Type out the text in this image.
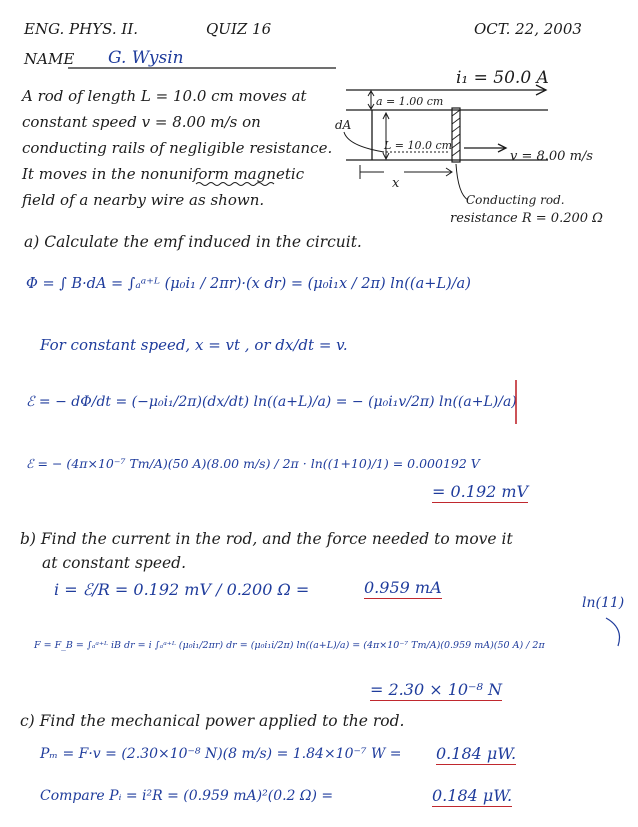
ENG. PHYS. II.	QUIZ 16	OCT. 22, 2003
NAME G. Wysin
A rod of length L = 10.0 cm moves at
constant speed v = 8.00 m/s on
conducting rails of negligible resistance.
It moves in the nonuniform magnetic
field of a nearby wire as shown.
i₁ = 50.0 A
a = 1.00 cm
L = 10.0 cm
dA
v = 8.00 m/s
x
Conducting rod.
resistance R = 0.200 Ω
a) Calculate the emf induced in the circuit.
Φ = ∫ B·dA = ∫ₐᵃ⁺ᴸ (μ₀i₁ / 2πr)·(x dr) = (μ₀i₁x / 2π) ln((a+L)/a)
For constant speed, x = vt , or dx/dt = v.
ℰ = − dΦ/dt = (−μ₀i₁/2π)(dx/dt) ln((a+L)/a) = − (μ₀i₁v/2π) ln((a+L)/a)
ℰ = − (4π×10⁻⁷ Tm/A)(50 A)(8.00 m/s) / 2π · ln((1+10)/1) = 0.000192 V
= 0.192 mV
b) Find the current in the rod, and the force needed to move it
at constant speed.
i = ℰ/R = 0.192 mV / 0.200 Ω =	0.959 mA
ln(11)
F = F_B = ∫ₐᵃ⁺ᴸ iB dr = i ∫ₐᵃ⁺ᴸ (μ₀i₁/2πr) dr = (μ₀i₁i/2π) ln((a+L)/a) = (4π×10⁻⁷ Tm/A)(0.959 mA)(50 A) / 2π
= 2.30 × 10⁻⁸ N
c) Find the mechanical power applied to the rod.
Pₘ = F·v = (2.30×10⁻⁸ N)(8 m/s) = 1.84×10⁻⁷ W = 0.184 μW.
Compare Pᵢ = i²R = (0.959 mA)²(0.2 Ω) =	0.184 μW.
